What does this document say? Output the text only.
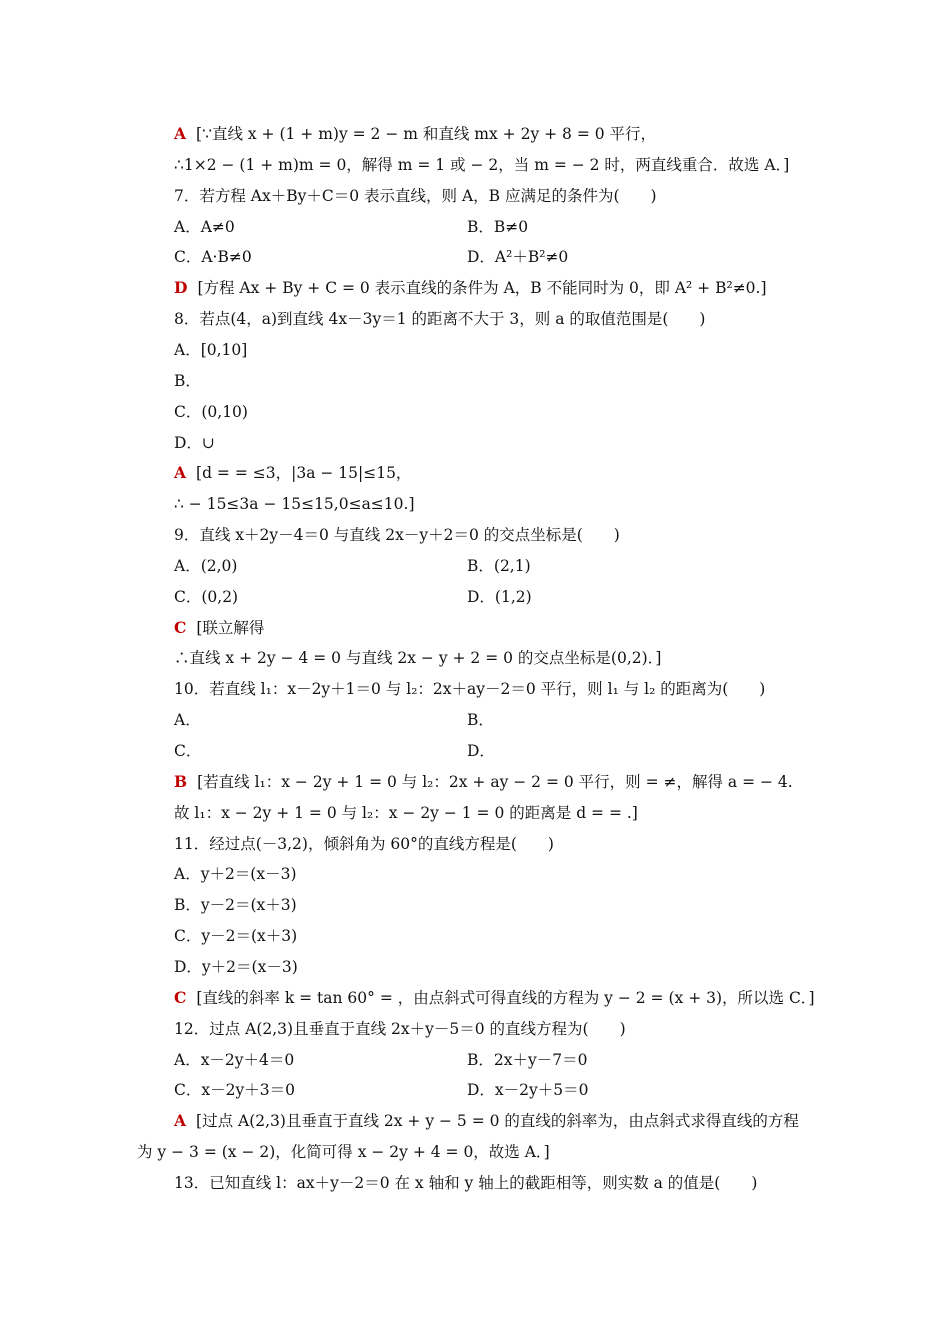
A [∵直线 x + (1 + m)y = 2 − m 和直线 mx + 2y + 8 = 0 平行，
∴1×2 − (1 + m)m = 0，解得 m = 1 或 − 2，当 m = − 2 时，两直线重合．故选 A．]
7．若方程 Ax＋By＋C＝0 表示直线，则 A，B 应满足的条件为(　　)
A．A≠0	B．B≠0
C．A·B≠0	D．A²＋B²≠0
D [方程 Ax + By + C = 0 表示直线的条件为 A，B 不能同时为 0，即 A² + B²≠0.]
8．若点(4，a)到直线 4x－3y＝1 的距离不大于 3，则 a 的取值范围是(　　)
A．[0,10]
B．
C．(0,10)
D．∪
A [d = = ≤3，|3a − 15|≤15，
∴ − 15≤3a − 15≤15,0≤a≤10.]
9．直线 x＋2y－4＝0 与直线 2x－y＋2＝0 的交点坐标是(　　)
A．(2,0)	B．(2,1)
C．(0,2)	D．(1,2)
C [联立解得
∴直线 x + 2y − 4 = 0 与直线 2x − y + 2 = 0 的交点坐标是(0,2)．]
10．若直线 l₁：x－2y＋1＝0 与 l₂：2x＋ay－2＝0 平行，则 l₁ 与 l₂ 的距离为(　　)
A．	B．
C．	D．
B [若直线 l₁：x − 2y + 1 = 0 与 l₂：2x + ay − 2 = 0 平行，则 = ≠，解得 a = − 4.
故 l₁：x − 2y + 1 = 0 与 l₂：x − 2y − 1 = 0 的距离是 d = = .]
11．经过点(－3,2)，倾斜角为 60°的直线方程是(　　)
A．y＋2＝(x－3)
B．y－2＝(x＋3)
C．y－2＝(x＋3)
D．y＋2＝(x－3)
C [直线的斜率 k = tan 60° = ，由点斜式可得直线的方程为 y − 2 = (x + 3)，所以选 C．]
12．过点 A(2,3)且垂直于直线 2x＋y－5＝0 的直线方程为(　　)
A．x－2y＋4＝0	B．2x＋y－7＝0
C．x－2y＋3＝0	D．x－2y＋5＝0
A [过点 A(2,3)且垂直于直线 2x + y − 5 = 0 的直线的斜率为，由点斜式求得直线的方程
为 y − 3 = (x − 2)，化简可得 x − 2y + 4 = 0，故选 A．]
13．已知直线 l：ax＋y－2＝0 在 x 轴和 y 轴上的截距相等，则实数 a 的值是(　　)
